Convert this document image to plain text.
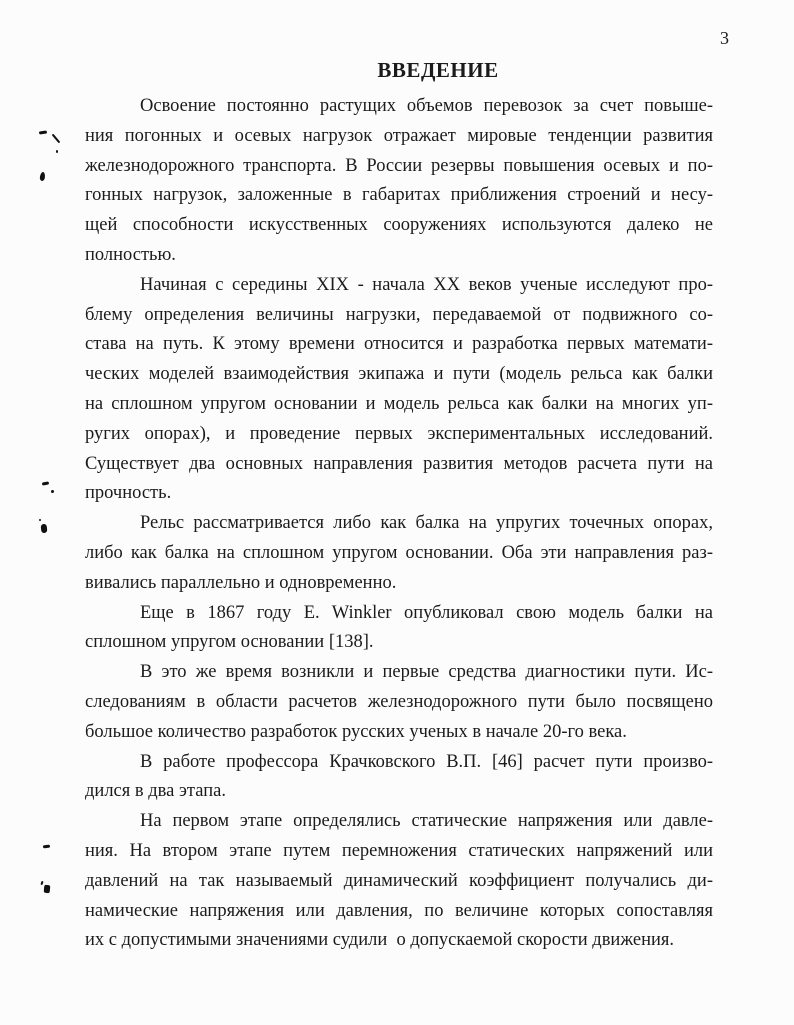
3
ВВЕДЕНИЕ
Освоение постоянно растущих объемов перевозок за счет повыше-
ния погонных и осевых нагрузок отражает мировые тенденции развития
железнодорожного транспорта. В России резервы повышения осевых и по-
гонных нагрузок, заложенные в габаритах приближения строений и несу-
щей способности искусственных сооружениях используются далеко не
полностью.
Начиная с середины XIX - начала XX веков ученые исследуют про-
блему определения величины нагрузки, передаваемой от подвижного со-
става на путь. К этому времени относится и разработка первых математи-
ческих моделей взаимодействия экипажа и пути (модель рельса как балки
на сплошном упругом основании и модель рельса как балки на многих уп-
ругих опорах), и проведение первых экспериментальных исследований.
Существует два основных направления развития методов расчета пути на
прочность.
Рельс рассматривается либо как балка на упругих точечных опорах,
либо как балка на сплошном упругом основании. Оба эти направления раз-
вивались параллельно и одновременно.
Еще в 1867 году E. Winkler опубликовал свою модель балки на
сплошном упругом основании [138].
В это же время возникли и первые средства диагностики пути. Ис-
следованиям в области расчетов железнодорожного пути было посвящено
большое количество разработок русских ученых в начале 20-го века.
В работе профессора Крачковского В.П. [46] расчет пути произво-
дился в два этапа.
На первом этапе определялись статические напряжения или давле-
ния. На втором этапе путем перемножения статических напряжений или
давлений на так называемый динамический коэффициент получались ди-
намические напряжения или давления, по величине которых сопоставляя
их с допустимыми значениями судили  о допускаемой скорости движения.
